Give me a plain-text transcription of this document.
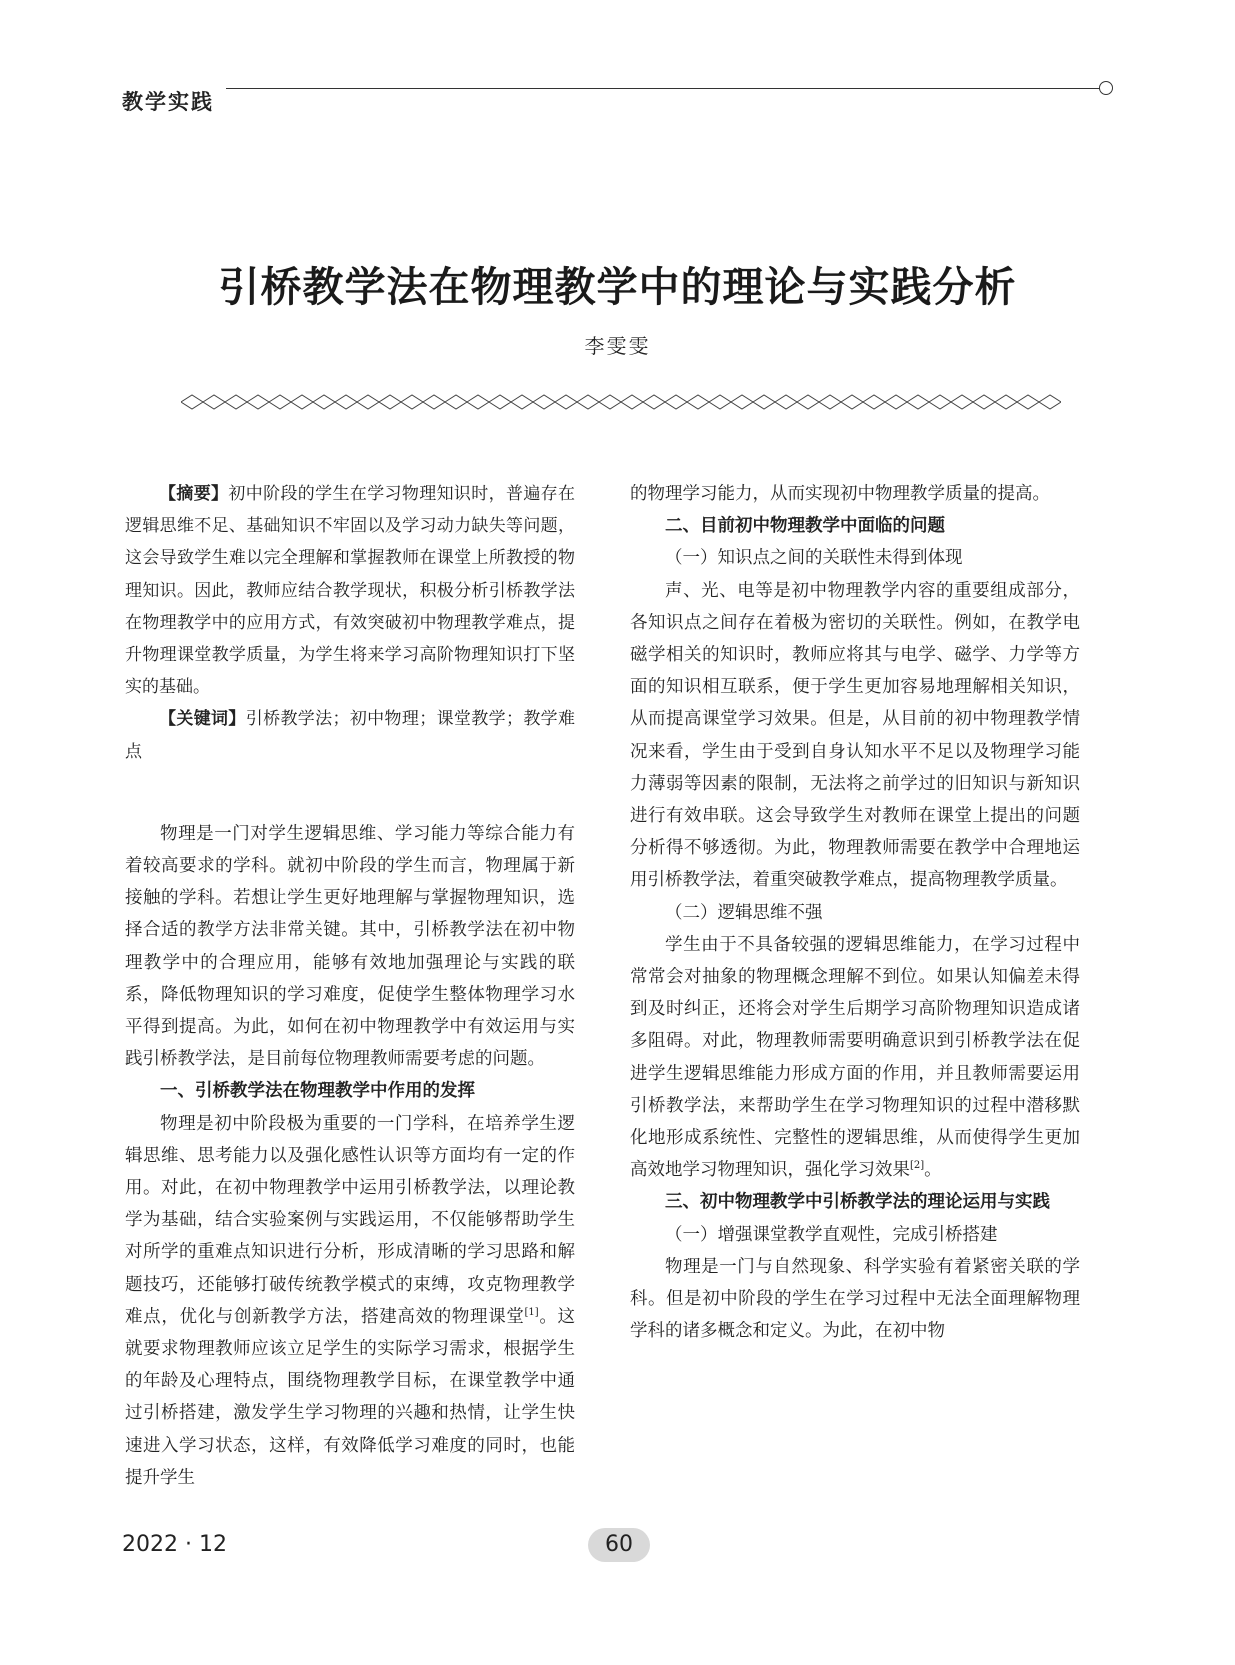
教学实践
引桥教学法在物理教学中的理论与实践分析
李雯雯

【摘要】初中阶段的学生在学习物理知识时，普遍存在逻辑思维不足、基础知识不牢固以及学习动力缺失等问题，这会导致学生难以完全理解和掌握教师在课堂上所教授的物理知识。因此，教师应结合教学现状，积极分析引桥教学法在物理教学中的应用方式，有效突破初中物理教学难点，提升物理课堂教学质量，为学生将来学习高阶物理知识打下坚实的基础。

【关键词】引桥教学法；初中物理；课堂教学；教学难点

物理是一门对学生逻辑思维、学习能力等综合能力有着较高要求的学科。就初中阶段的学生而言，物理属于新接触的学科。若想让学生更好地理解与掌握物理知识，选择合适的教学方法非常关键。其中，引桥教学法在初中物理教学中的合理应用，能够有效地加强理论与实践的联系，降低物理知识的学习难度，促使学生整体物理学习水平得到提高。为此，如何在初中物理教学中有效运用与实践引桥教学法，是目前每位物理教师需要考虑的问题。

一、引桥教学法在物理教学中作用的发挥

物理是初中阶段极为重要的一门学科，在培养学生逻辑思维、思考能力以及强化感性认识等方面均有一定的作用。对此，在初中物理教学中运用引桥教学法，以理论教学为基础，结合实验案例与实践运用，不仅能够帮助学生对所学的重难点知识进行分析，形成清晰的学习思路和解题技巧，还能够打破传统教学模式的束缚，攻克物理教学难点，优化与创新教学方法，搭建高效的物理课堂[1]。这就要求物理教师应该立足学生的实际学习需求，根据学生的年龄及心理特点，围绕物理教学目标，在课堂教学中通过引桥搭建，激发学生学习物理的兴趣和热情，让学生快速进入学习状态，这样，有效降低学习难度的同时，也能提升学生

的物理学习能力，从而实现初中物理教学质量的提高。

二、目前初中物理教学中面临的问题
（一）知识点之间的关联性未得到体现

声、光、电等是初中物理教学内容的重要组成部分，各知识点之间存在着极为密切的关联性。例如，在教学电磁学相关的知识时，教师应将其与电学、磁学、力学等方面的知识相互联系，便于学生更加容易地理解相关知识，从而提高课堂学习效果。但是，从目前的初中物理教学情况来看，学生由于受到自身认知水平不足以及物理学习能力薄弱等因素的限制，无法将之前学过的旧知识与新知识进行有效串联。这会导致学生对教师在课堂上提出的问题分析得不够透彻。为此，物理教师需要在教学中合理地运用引桥教学法，着重突破教学难点，提高物理教学质量。

（二）逻辑思维不强

学生由于不具备较强的逻辑思维能力，在学习过程中常常会对抽象的物理概念理解不到位。如果认知偏差未得到及时纠正，还将会对学生后期学习高阶物理知识造成诸多阻碍。对此，物理教师需要明确意识到引桥教学法在促进学生逻辑思维能力形成方面的作用，并且教师需要运用引桥教学法，来帮助学生在学习物理知识的过程中潜移默化地形成系统性、完整性的逻辑思维，从而使得学生更加高效地学习物理知识，强化学习效果[2]。

三、初中物理教学中引桥教学法的理论运用与实践
（一）增强课堂教学直观性，完成引桥搭建

物理是一门与自然现象、科学实验有着紧密关联的学科。但是初中阶段的学生在学习过程中无法全面理解物理学科的诸多概念和定义。为此，在初中物

2022 · 12	60
